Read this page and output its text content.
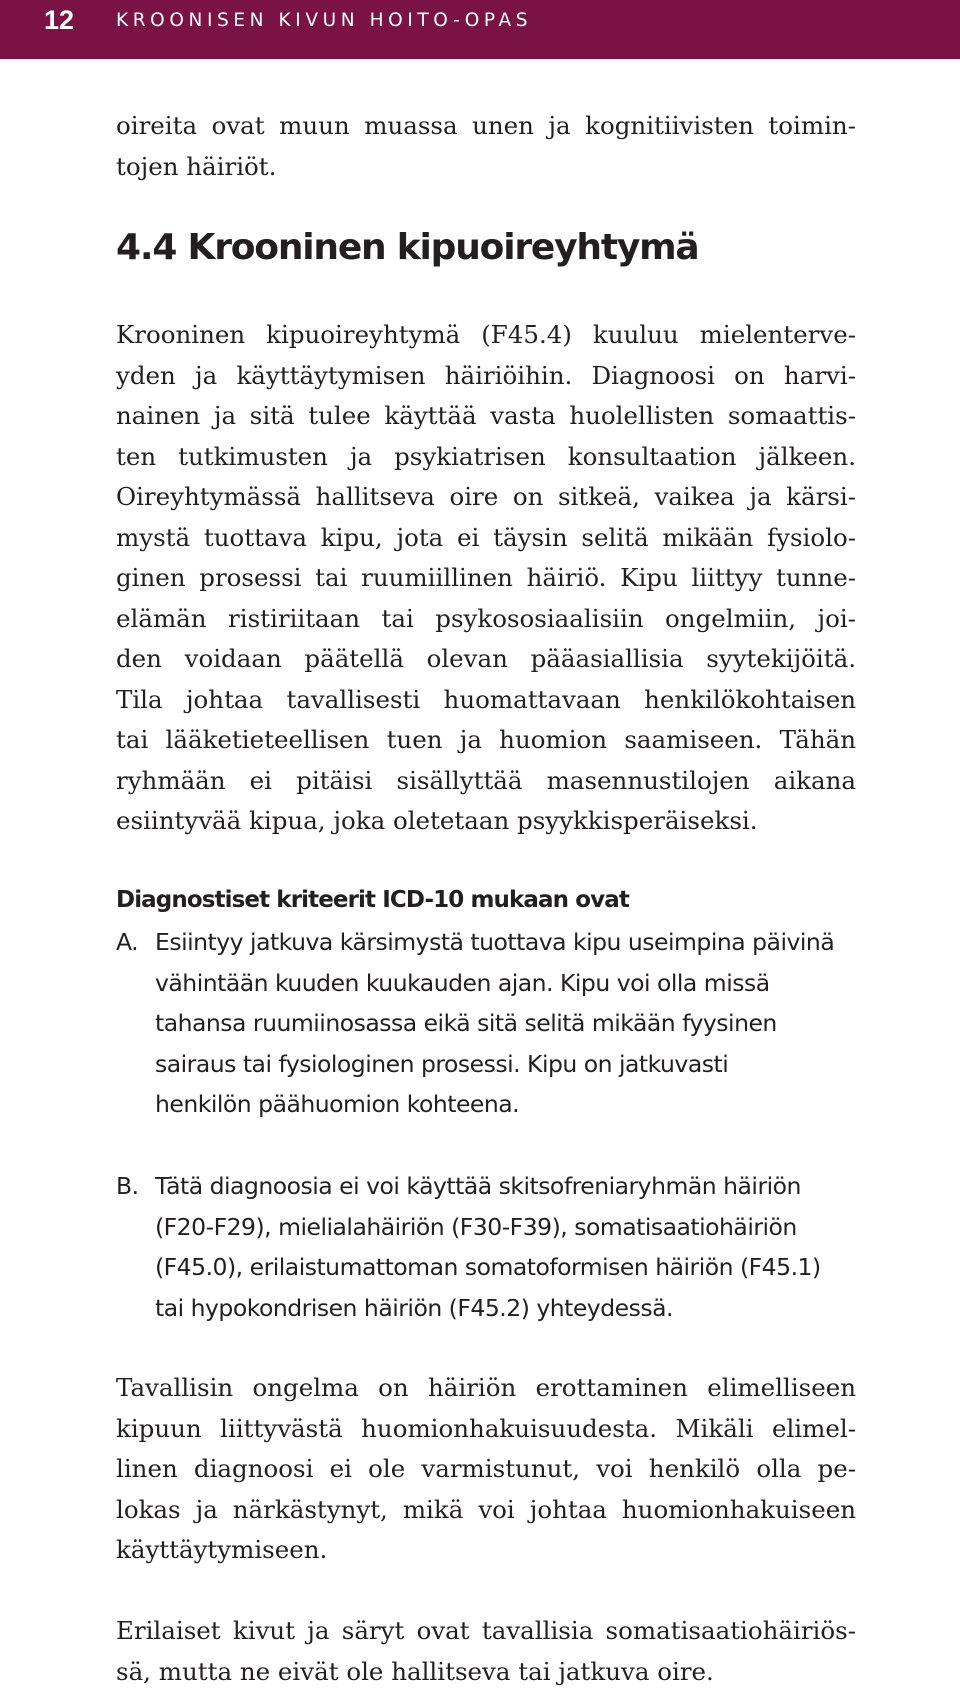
12 KROONISEN KIVUN HOITO-OPAS
oireita ovat muun muassa unen ja kognitiivisten toimin-
tojen häiriöt.
4.4 Krooninen kipuoireyhtymä
Krooninen kipuoireyhtymä (F45.4) kuuluu mielenterve-
yden ja käyttäytymisen häiriöihin. Diagnoosi on harvi-
nainen ja sitä tulee käyttää vasta huolellisten somaattis-
ten tutkimusten ja psykiatrisen konsultaation jälkeen.
Oireyhtymässä hallitseva oire on sitkeä, vaikea ja kärsi-
mystä tuottava kipu, jota ei täysin selitä mikään fysiolo-
ginen prosessi tai ruumiillinen häiriö. Kipu liittyy tunne-
elämän ristiriitaan tai psykososiaalisiin ongelmiin, joi-
den voidaan päätellä olevan pääasiallisia syytekijöitä.
Tila johtaa tavallisesti huomattavaan henkilökohtaisen
tai lääketieteellisen tuen ja huomion saamiseen. Tähän
ryhmään ei pitäisi sisällyttää masennustilojen aikana
esiintyvää kipua, joka oletetaan psyykkisperäiseksi.
Diagnostiset kriteerit ICD-10 mukaan ovat
A. Esiintyy jatkuva kärsimystä tuottava kipu useimpina päivinä
vähintään kuuden kuukauden ajan. Kipu voi olla missä
tahansa ruumiinosassa eikä sitä selitä mikään fyysinen
sairaus tai fysiologinen prosessi. Kipu on jatkuvasti
henkilön päähuomion kohteena.
B. Tätä diagnoosia ei voi käyttää skitsofreniaryhmän häiriön
(F20-F29), mielialahäiriön (F30-F39), somatisaatiohäiriön
(F45.0), erilaistumattoman somatoformisen häiriön (F45.1)
tai hypokondrisen häiriön (F45.2) yhteydessä.
Tavallisin ongelma on häiriön erottaminen elimelliseen
kipuun liittyvästä huomionhakuisuudesta. Mikäli elimel-
linen diagnoosi ei ole varmistunut, voi henkilö olla pe-
lokas ja närkästynyt, mikä voi johtaa huomionhakuiseen
käyttäytymiseen.
Erilaiset kivut ja säryt ovat tavallisia somatisaatiohäiriös-
sä, mutta ne eivät ole hallitseva tai jatkuva oire.
